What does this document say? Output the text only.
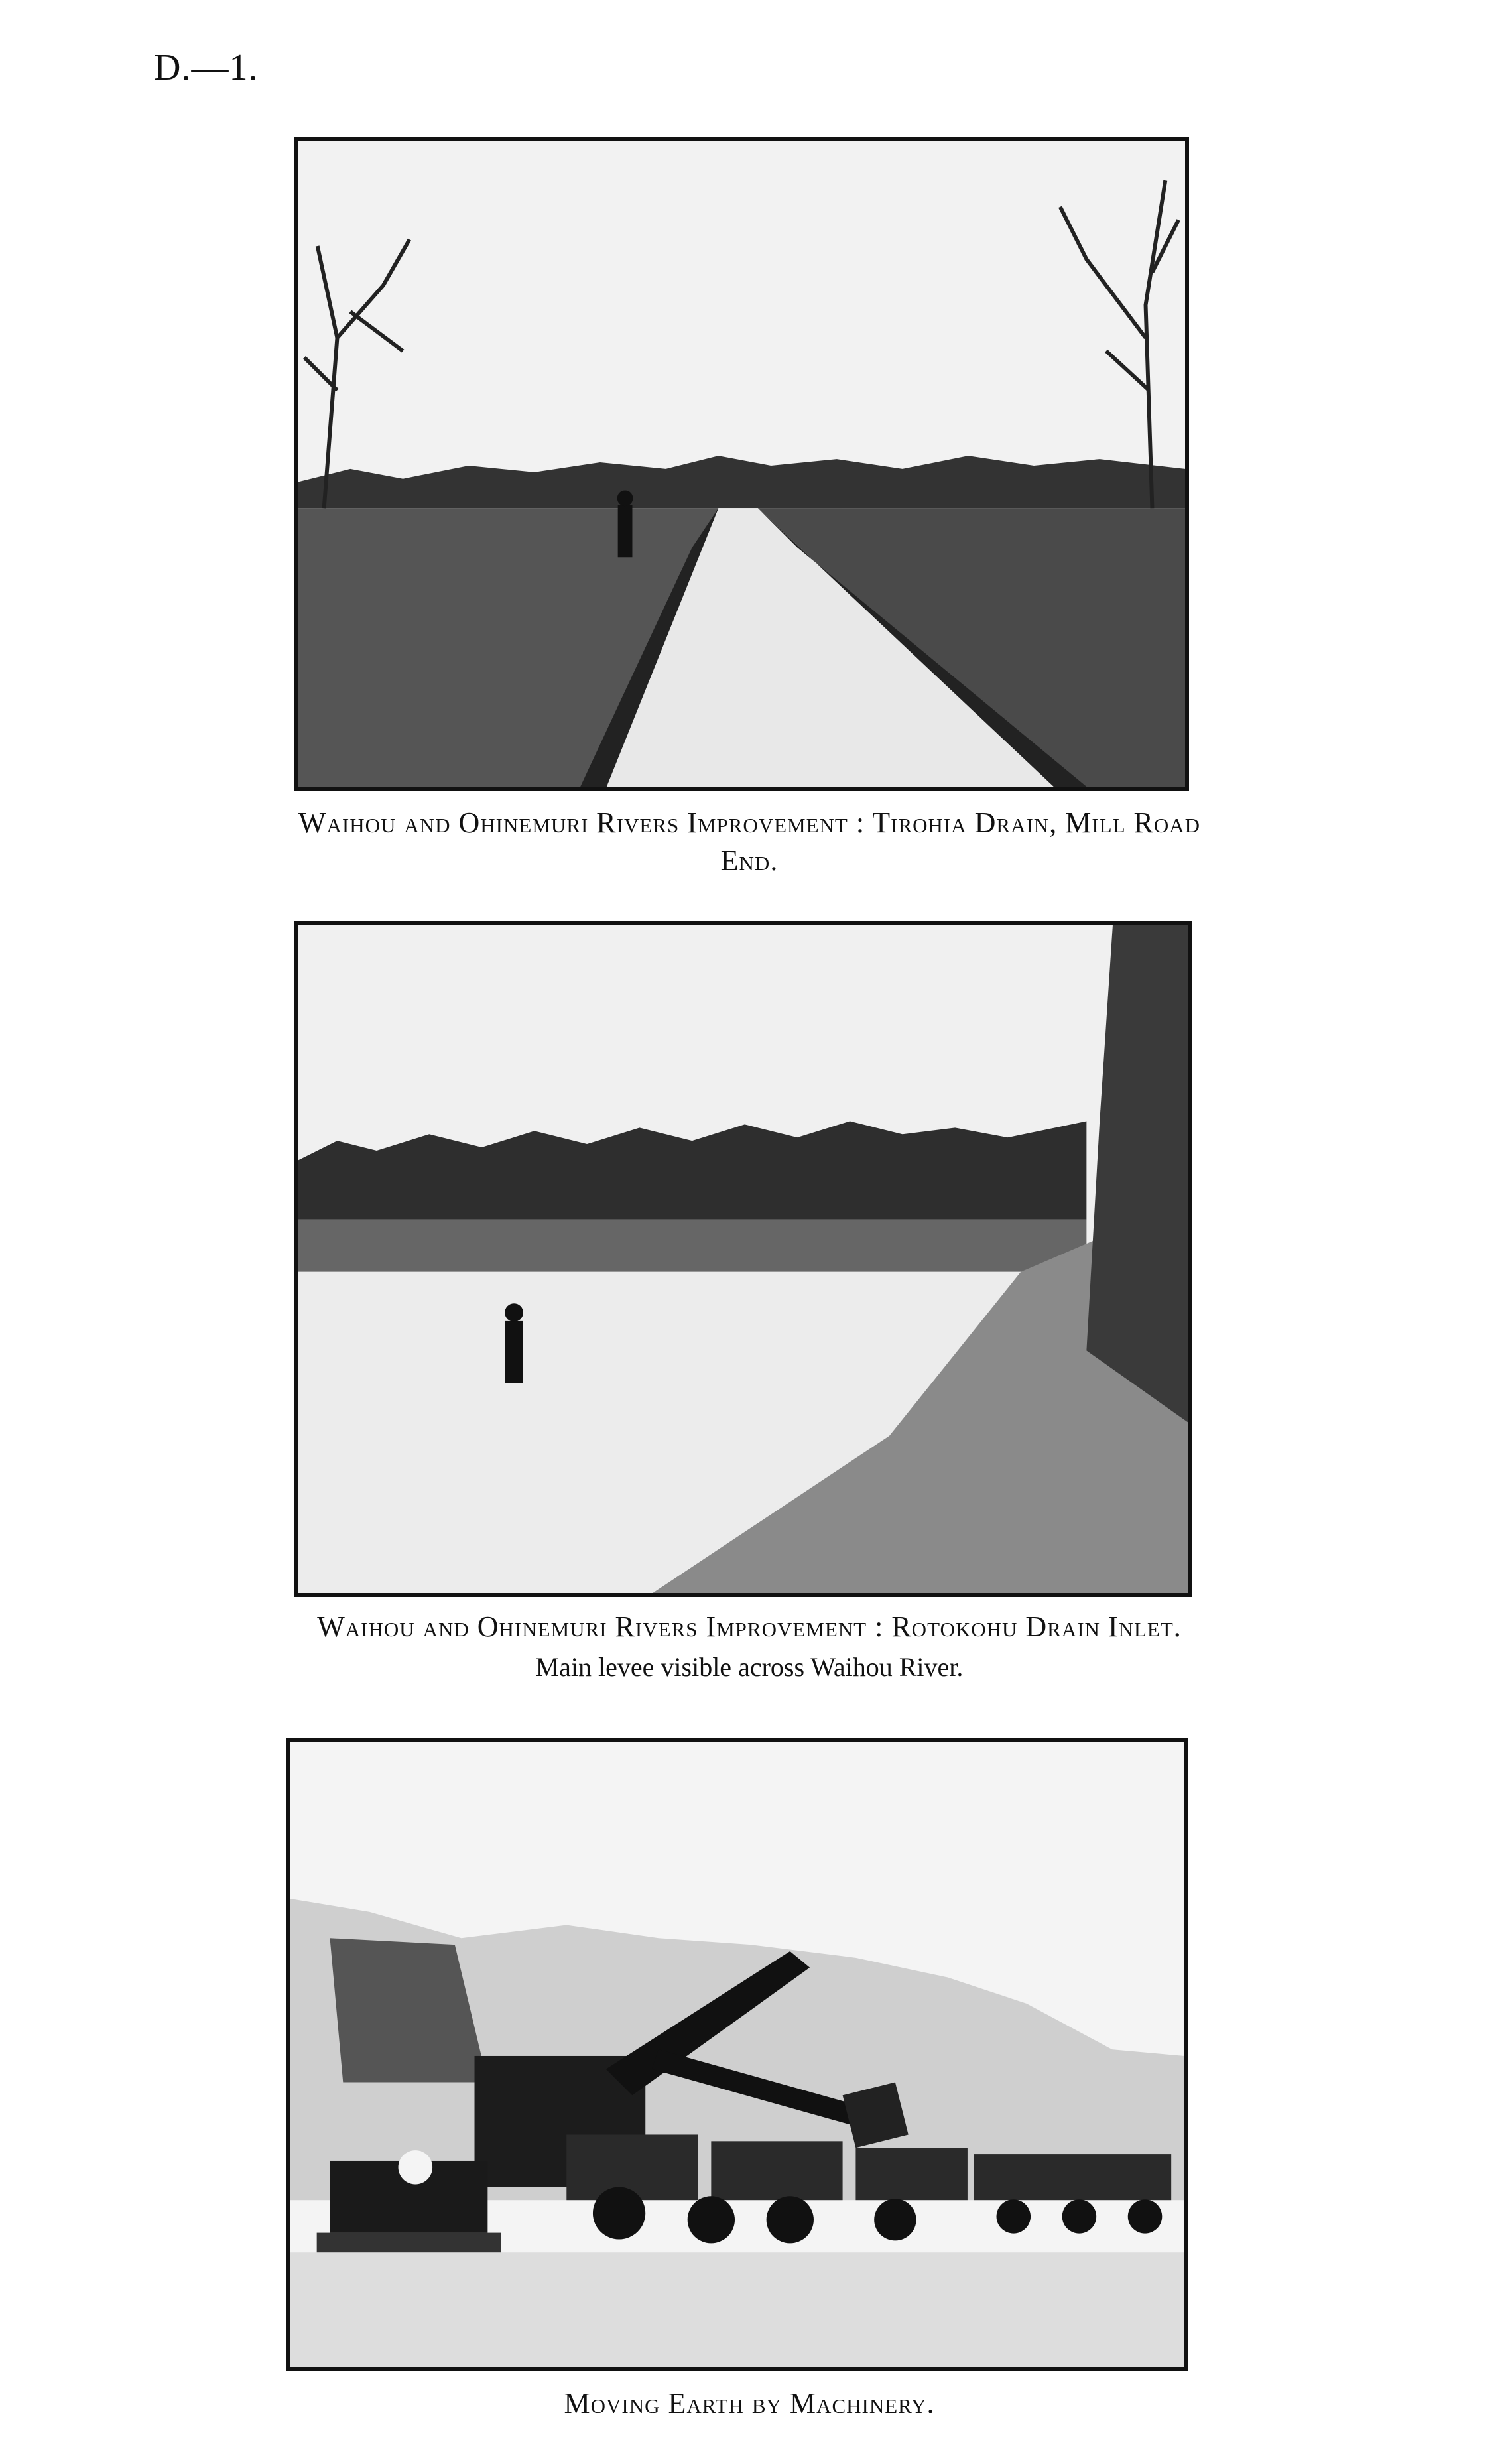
D.—1.
Waihou and Ohinemuri Rivers Improvement : Tirohia Drain, Mill Road End.
Waihou and Ohinemuri Rivers Improvement : Rotokohu Drain Inlet.
Main levee visible across Waihou River.
Moving Earth by Machinery.
